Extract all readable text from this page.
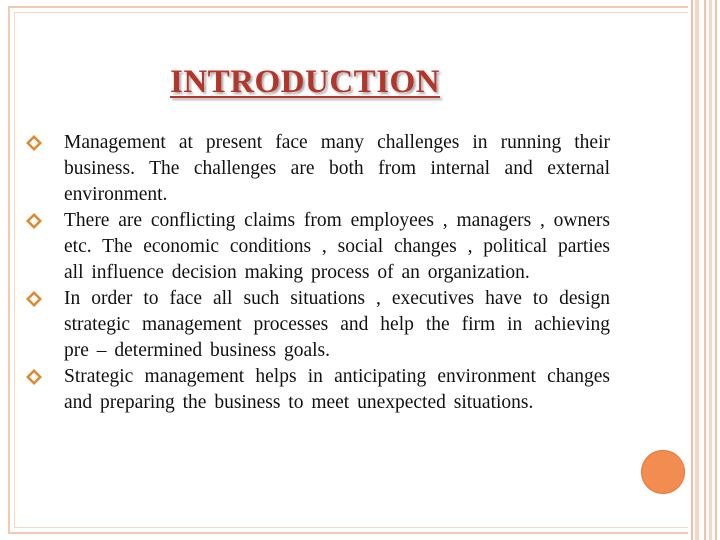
INTRODUCTION
Management at present face many challenges in running their business. The challenges are both from internal and external environment.
There are conflicting claims from employees , managers , owners etc. The economic conditions , social changes , political parties all influence decision making process of an organization.
In order to face all such situations , executives have to design strategic management processes and help the firm in achieving pre – determined business goals.
Strategic management helps in anticipating environment changes and preparing the business to meet unexpected situations.
